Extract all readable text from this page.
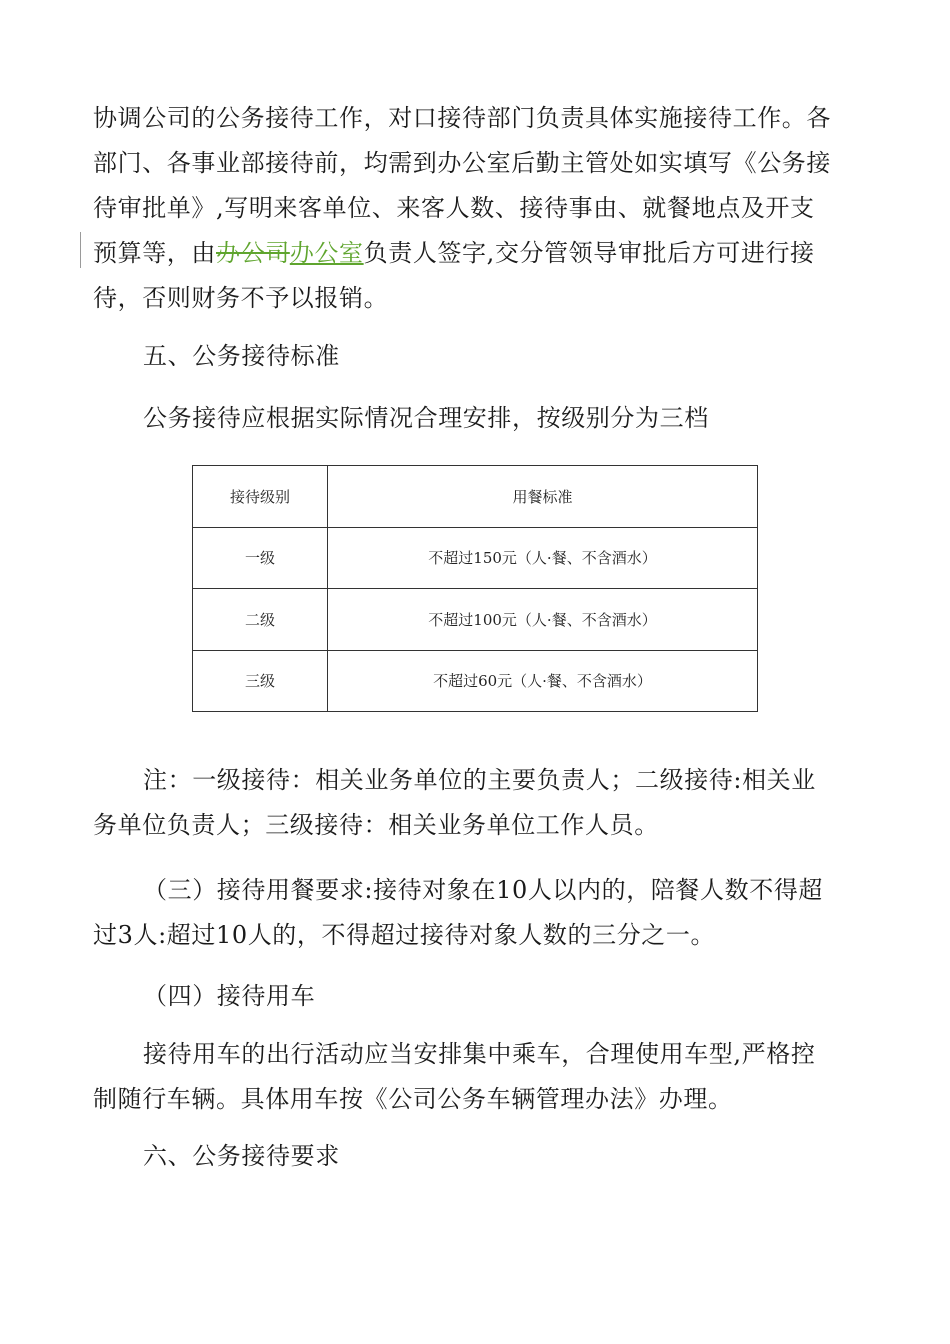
协调公司的公务接待工作，对口接待部门负责具体实施接待工作。各
部门、各事业部接待前，均需到办公室后勤主管处如实填写《公务接
待审批单》,写明来客单位、来客人数、接待事由、就餐地点及开支
预算等，由办公司办公室负责人签字,交分管领导审批后方可进行接
待，否则财务不予以报销。

五、公务接待标准

公务接待应根据实际情况合理安排，按级别分为三档

接待级别	用餐标准
一级	不超过150元（人·餐、不含酒水）
二级	不超过100元（人·餐、不含酒水）
三级	不超过60元（人·餐、不含酒水）

注：一级接待：相关业务单位的主要负责人；二级接待:相关业
务单位负责人；三级接待：相关业务单位工作人员。

（三）接待用餐要求:接待对象在10人以内的，陪餐人数不得超
过3人:超过10人的，不得超过接待对象人数的三分之一。

（四）接待用车

接待用车的出行活动应当安排集中乘车，合理使用车型,严格控
制随行车辆。具体用车按《公司公务车辆管理办法》办理。

六、公务接待要求
